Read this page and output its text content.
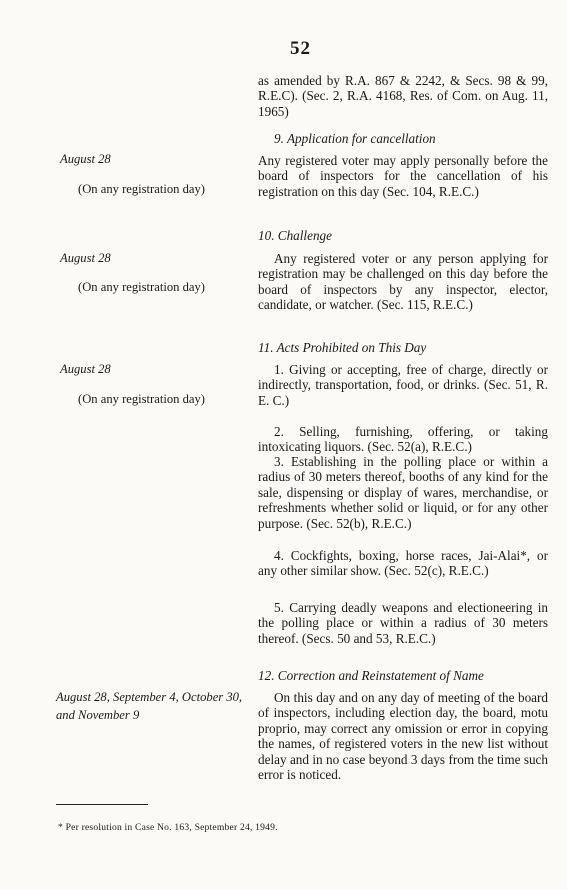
52

as amended by R.A. 867 & 2242, & Secs. 98 & 99, R.E.C). (Sec. 2, R.A. 4168, Res. of Com. on Aug. 11, 1965)

9. Application for cancellation

August 28

(On any registration day)

Any registered voter may apply personally before the board of inspectors for the cancellation of his registration on this day (Sec. 104, R.E.C.)

10. Challenge

August 28

(On any registration day)

Any registered voter or any person applying for registration may be challenged on this day before the board of inspectors by any inspector, elector, candidate, or watcher. (Sec. 115, R.E.C.)

11. Acts Prohibited on This Day

August 28

(On any registration day)

1. Giving or accepting, free of charge, directly or indirectly, transportation, food, or drinks. (Sec. 51, R. E. C.)

2. Selling, furnishing, offering, or taking intoxicating liquors. (Sec. 52(a), R.E.C.)

3. Establishing in the polling place or within a radius of 30 meters thereof, booths of any kind for the sale, dispensing or display of wares, merchandise, or refreshments whether solid or liquid, or for any other purpose. (Sec. 52(b), R.E.C.)

4. Cockfights, boxing, horse races, Jai-Alai*, or any other similar show. (Sec. 52(c), R.E.C.)

5. Carrying deadly weapons and electioneering in the polling place or within a radius of 30 meters thereof. (Secs. 50 and 53, R.E.C.)

12. Correction and Reinstatement of Name

August 28, September 4, October 30, and November 9

On this day and on any day of meeting of the board of inspectors, including election day, the board, motu proprio, may correct any omission or error in copying the names, of registered voters in the new list without delay and in no case beyond 3 days from the time such error is noticed.

* Per resolution in Case No. 163, September 24, 1949.
